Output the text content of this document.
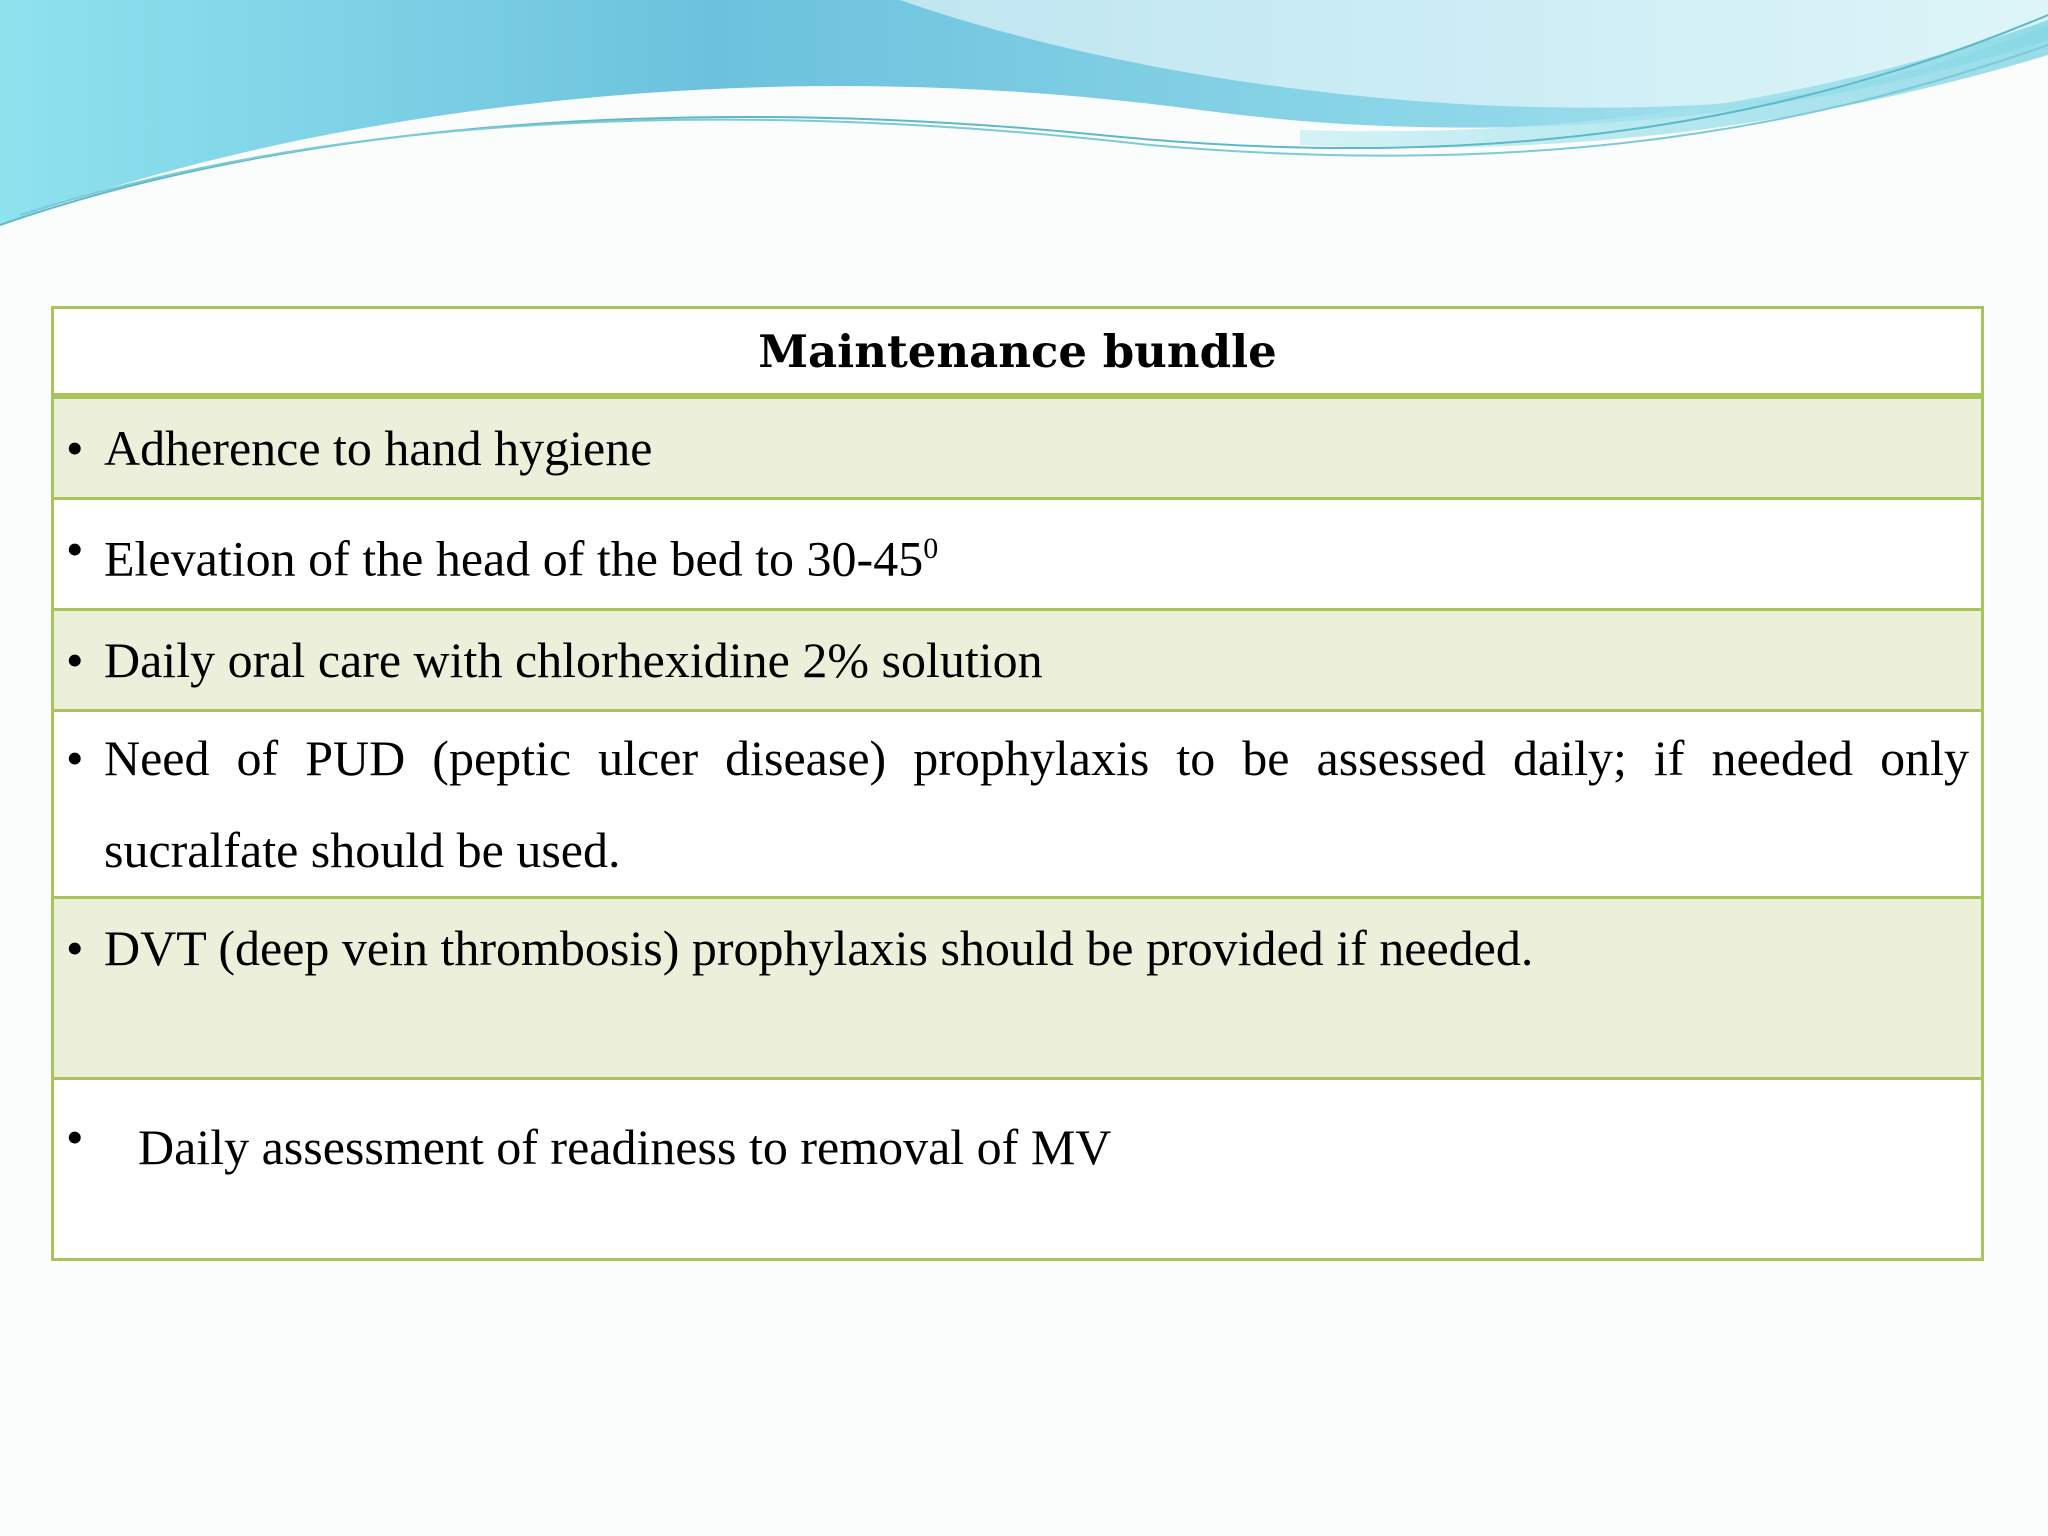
Maintenance bundle

• Adherence to hand hygiene

• Elevation of the head of the bed to $30-45^0$

• Daily oral care with chlorhexidine 2% solution

• Need of PUD (peptic ulcer disease) prophylaxis to be assessed daily; if needed only sucralfate should be used.

• DVT (deep vein thrombosis) prophylaxis should be provided if needed.

•	Daily assessment of readiness to removal of MV
